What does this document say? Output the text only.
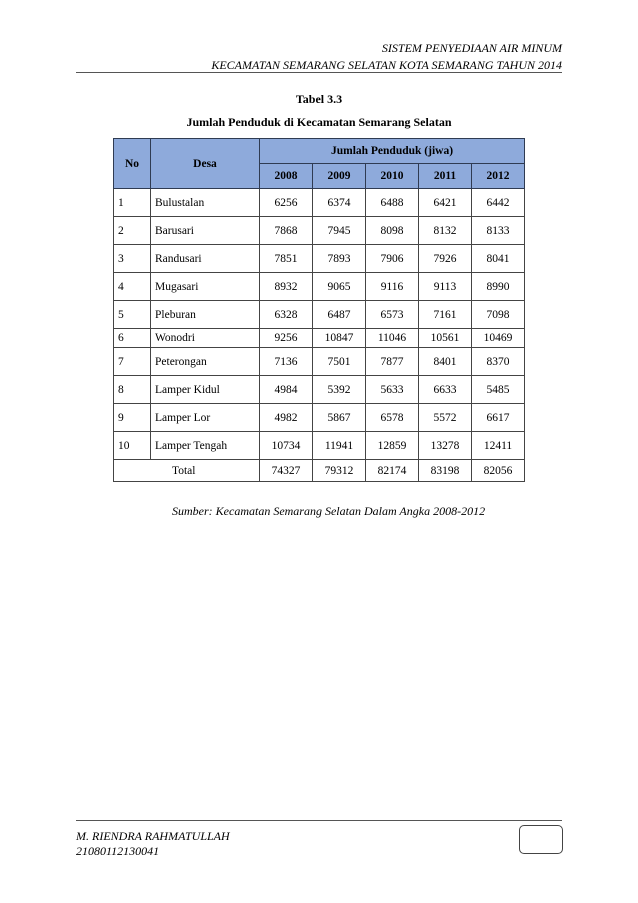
SISTEM PENYEDIAAN AIR MINUM
KECAMATAN SEMARANG SELATAN KOTA SEMARANG TAHUN 2014
Tabel 3.3
Jumlah Penduduk di Kecamatan Semarang Selatan
No	Desa	Jumlah Penduduk (jiwa)				
		2008	2009	2010	2011	2012
1	Bulustalan	6256	6374	6488	6421	6442
2	Barusari	7868	7945	8098	8132	8133
3	Randusari	7851	7893	7906	7926	8041
4	Mugasari	8932	9065	9116	9113	8990
5	Pleburan	6328	6487	6573	7161	7098
6	Wonodri	9256	10847	11046	10561	10469
7	Peterongan	7136	7501	7877	8401	8370
8	Lamper Kidul	4984	5392	5633	6633	5485
9	Lamper Lor	4982	5867	6578	5572	6617
10	Lamper Tengah	10734	11941	12859	13278	12411
Total		74327	79312	82174	83198	82056
Sumber: Kecamatan Semarang Selatan Dalam Angka 2008-2012
M. RIENDRA RAHMATULLAH
21080112130041
